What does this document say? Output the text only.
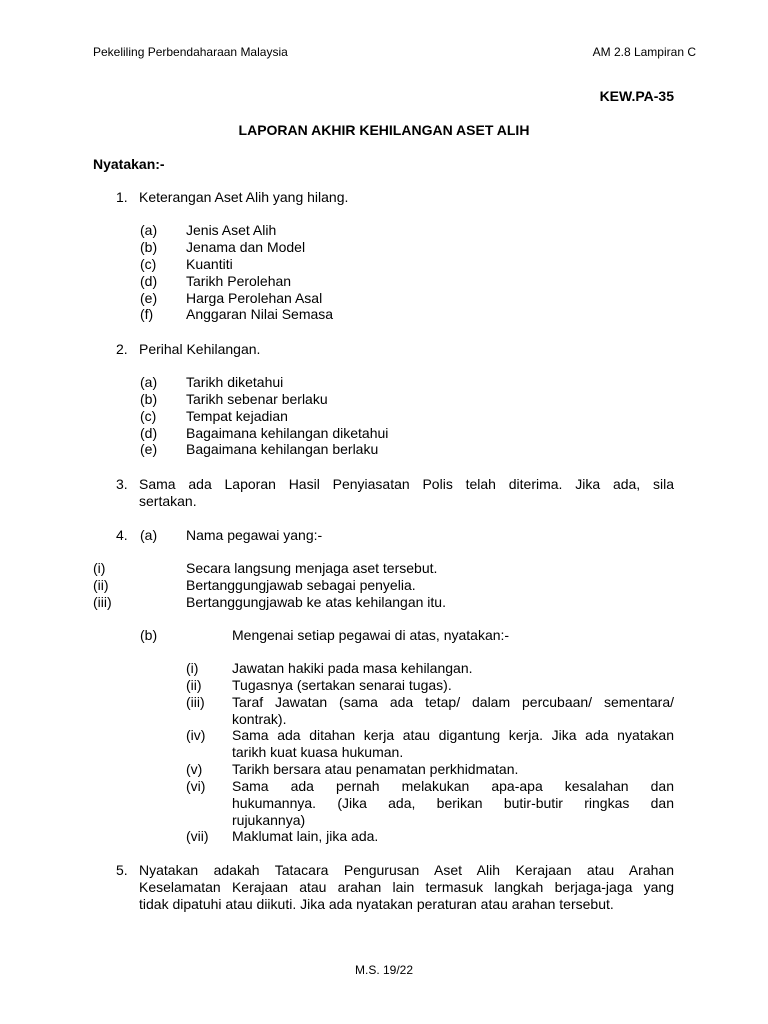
Pekeliling Perbendaharaan Malaysia	AM 2.8 Lampiran C
KEW.PA-35
LAPORAN AKHIR KEHILANGAN ASET ALIH
Nyatakan:-
1. Keterangan Aset Alih yang hilang.
(a) Jenis Aset Alih
(b) Jenama dan Model
(c) Kuantiti
(d) Tarikh Perolehan
(e) Harga Perolehan Asal
(f) Anggaran Nilai Semasa
2. Perihal Kehilangan.
(a) Tarikh diketahui
(b) Tarikh sebenar berlaku
(c) Tempat kejadian
(d) Bagaimana kehilangan diketahui
(e) Bagaimana kehilangan berlaku
3. Sama ada Laporan Hasil Penyiasatan Polis telah diterima. Jika ada, sila
sertakan.
4. (a) Nama pegawai yang:-
(i)	Secara langsung menjaga aset tersebut.
(ii)	Bertanggungjawab sebagai penyelia.
(iii)	Bertanggungjawab ke atas kehilangan itu.
(b)	Mengenai setiap pegawai di atas, nyatakan:-
(i) Jawatan hakiki pada masa kehilangan.
(ii) Tugasnya (sertakan senarai tugas).
(iii) Taraf Jawatan (sama ada tetap/ dalam percubaan/ sementara/
kontrak).
(iv) Sama ada ditahan kerja atau digantung kerja. Jika ada nyatakan
tarikh kuat kuasa hukuman.
(v) Tarikh bersara atau penamatan perkhidmatan.
(vi) Sama ada pernah melakukan apa-apa kesalahan dan
hukumannya. (Jika ada, berikan butir-butir ringkas dan
rujukannya)
(vii) Maklumat lain, jika ada.
5. Nyatakan adakah Tatacara Pengurusan Aset Alih Kerajaan atau Arahan
Keselamatan Kerajaan atau arahan lain termasuk langkah berjaga-jaga yang
tidak dipatuhi atau diikuti. Jika ada nyatakan peraturan atau arahan tersebut.
M.S. 19/22
